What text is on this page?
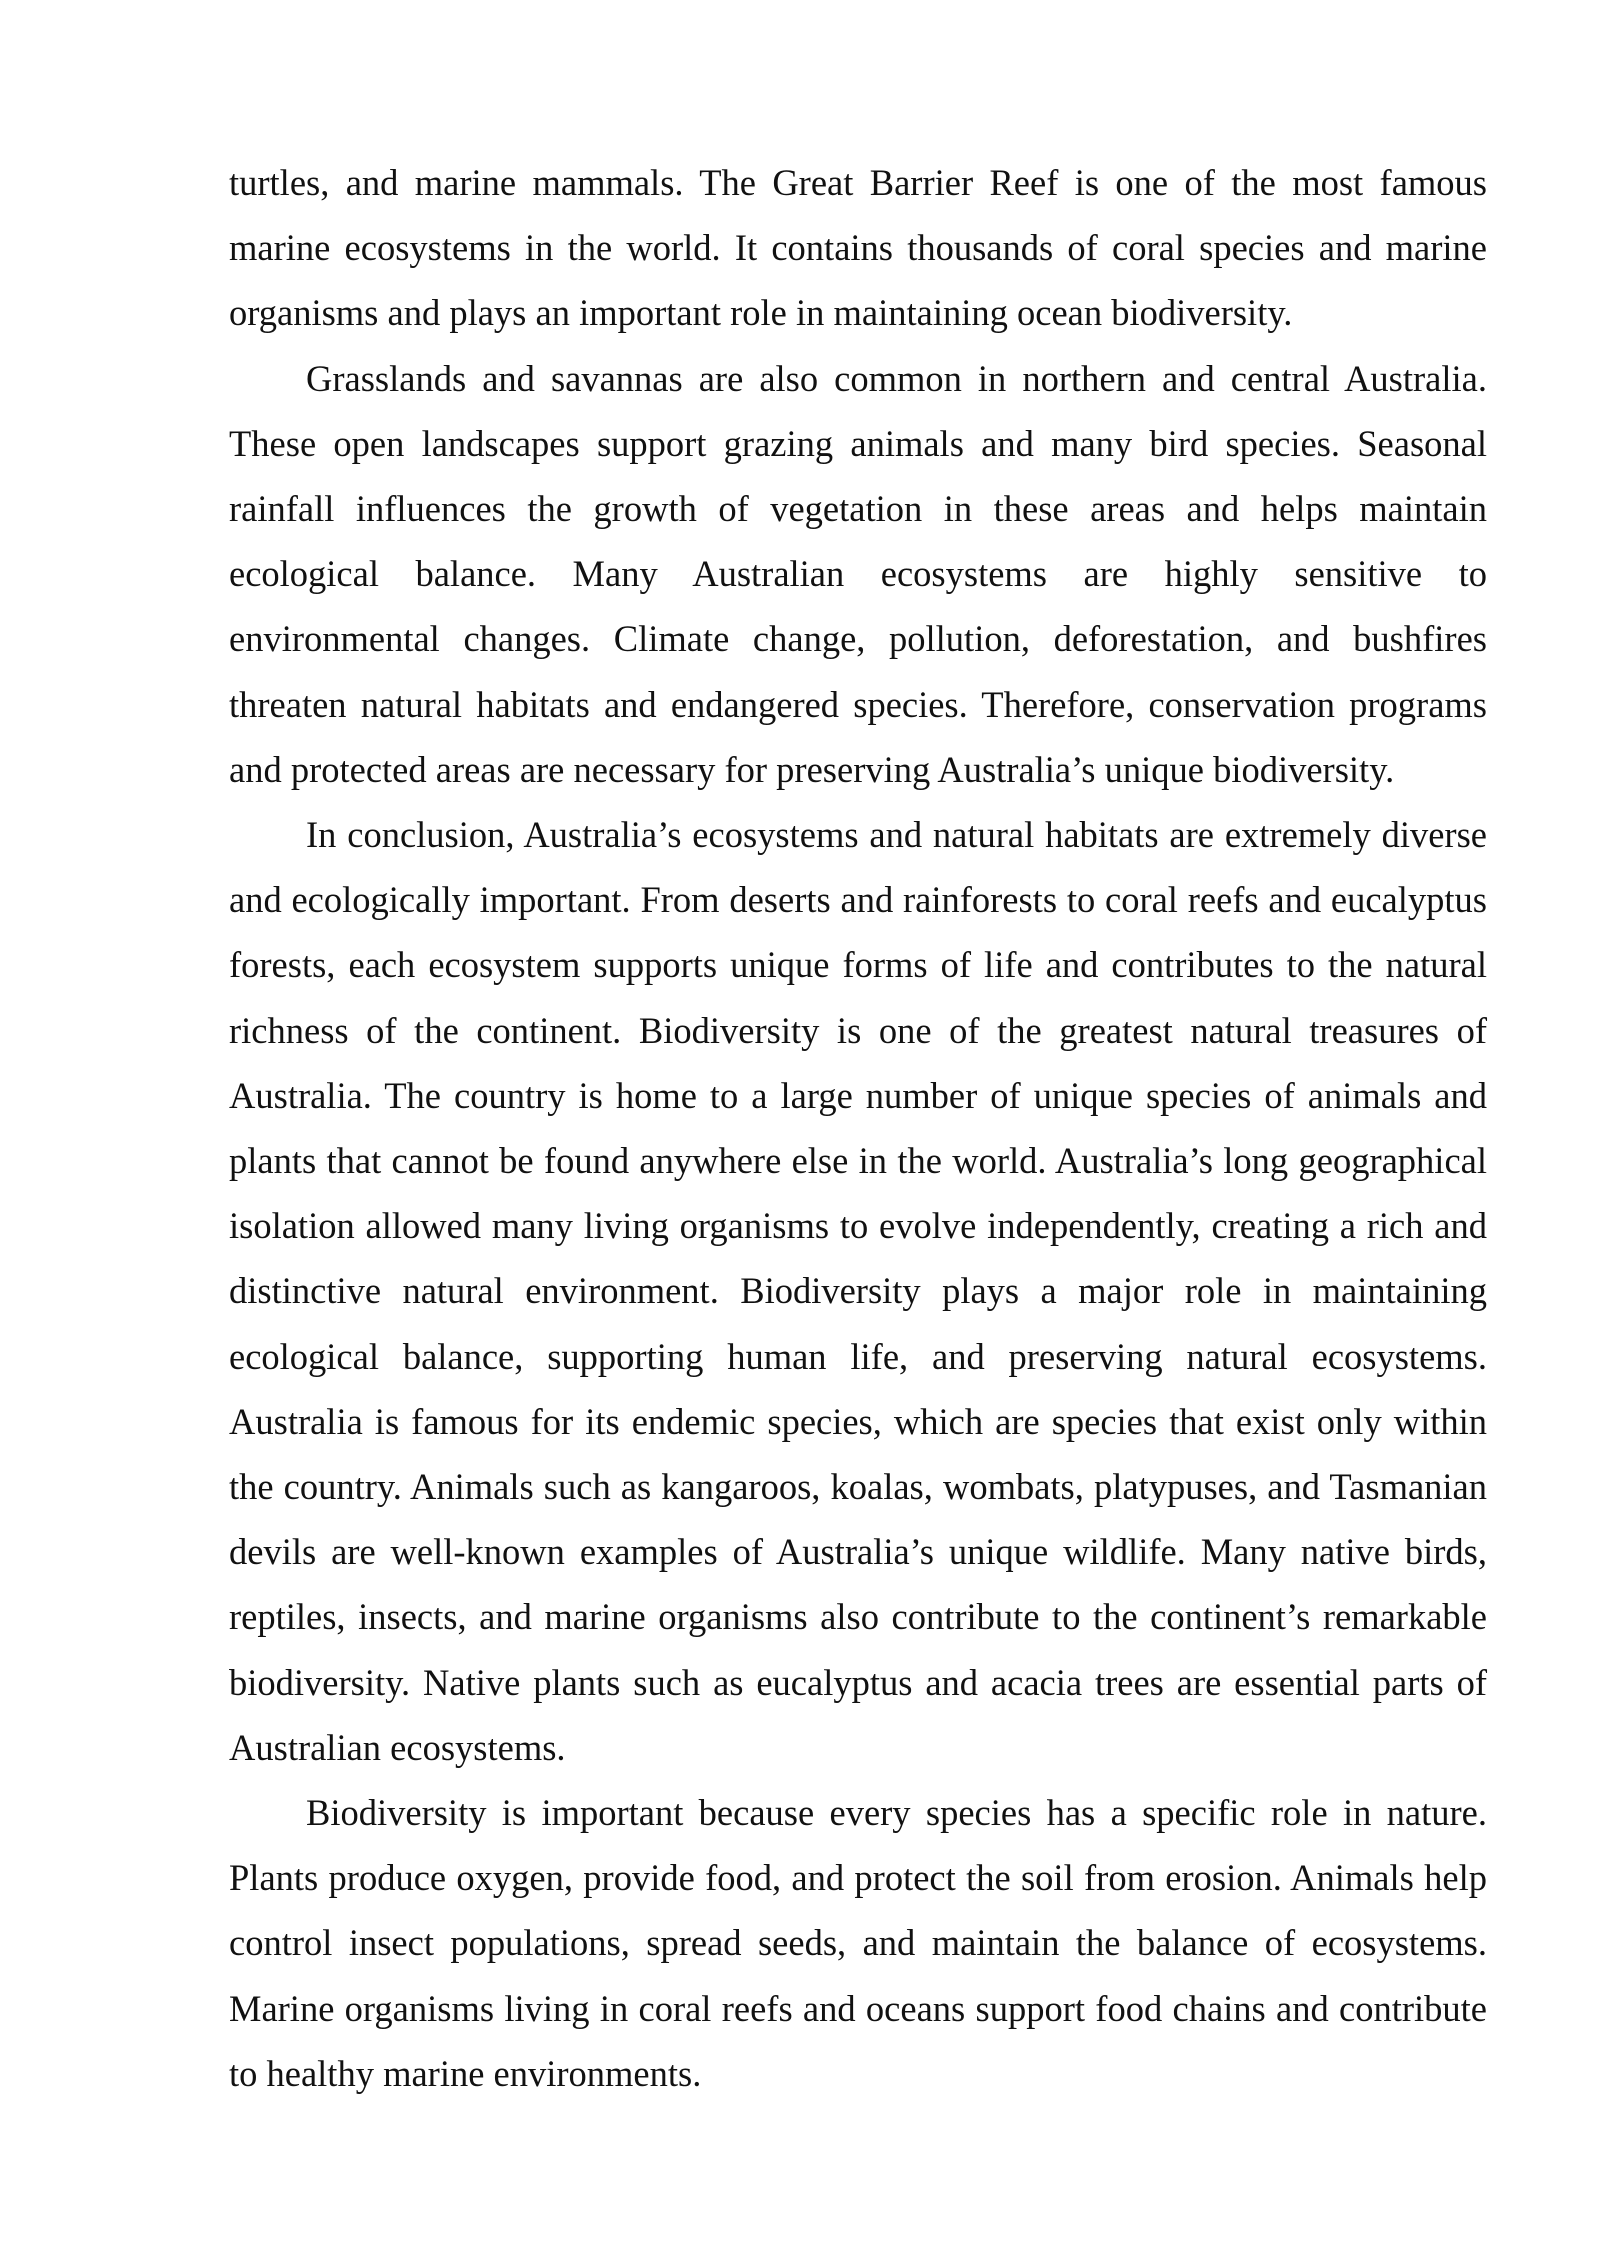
turtles, and marine mammals. The Great Barrier Reef is one of the most famous marine ecosystems in the world. It contains thousands of coral species and marine organisms and plays an important role in maintaining ocean biodiversity.

Grasslands and savannas are also common in northern and central Australia. These open landscapes support grazing animals and many bird species. Seasonal rainfall influences the growth of vegetation in these areas and helps maintain ecological balance. Many Australian ecosystems are highly sensitive to environmental changes. Climate change, pollution, deforestation, and bushfires threaten natural habitats and endangered species. Therefore, conservation programs and protected areas are necessary for preserving Australia’s unique biodiversity.

In conclusion, Australia’s ecosystems and natural habitats are extremely diverse and ecologically important. From deserts and rainforests to coral reefs and eucalyptus forests, each ecosystem supports unique forms of life and contributes to the natural richness of the continent. Biodiversity is one of the greatest natural treasures of Australia. The country is home to a large number of unique species of animals and plants that cannot be found anywhere else in the world. Australia’s long geographical isolation allowed many living organisms to evolve independently, creating a rich and distinctive natural environment. Biodiversity plays a major role in maintaining ecological balance, supporting human life, and preserving natural ecosystems. Australia is famous for its endemic species, which are species that exist only within the country. Animals such as kangaroos, koalas, wombats, platypuses, and Tasmanian devils are well-known examples of Australia’s unique wildlife. Many native birds, reptiles, insects, and marine organisms also contribute to the continent’s remarkable biodiversity. Native plants such as eucalyptus and acacia trees are essential parts of Australian ecosystems.

Biodiversity is important because every species has a specific role in nature. Plants produce oxygen, provide food, and protect the soil from erosion. Animals help control insect populations, spread seeds, and maintain the balance of ecosystems. Marine organisms living in coral reefs and oceans support food chains and contribute to healthy marine environments.
